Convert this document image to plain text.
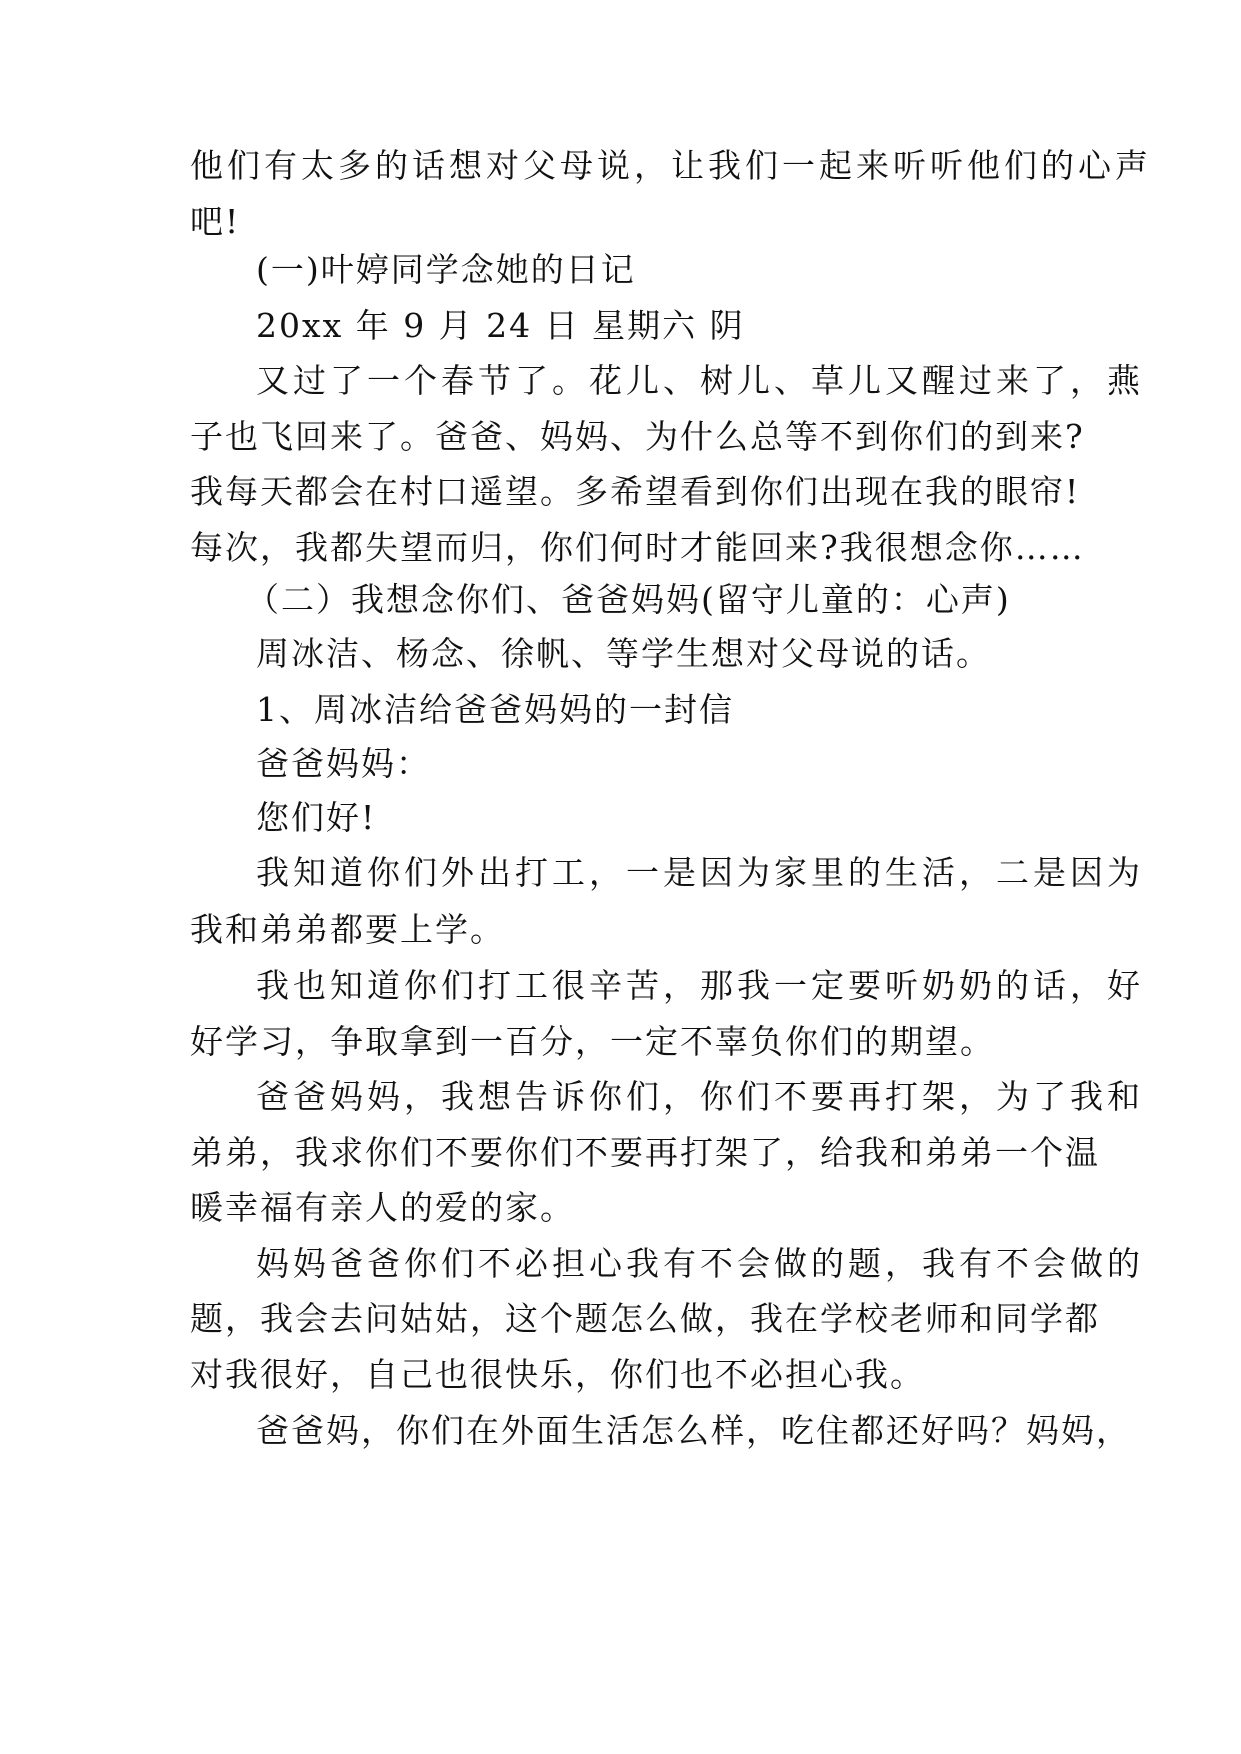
他们有太多的话想对父母说，让我们一起来听听他们的心声
吧!
(一)叶婷同学念她的日记
20xx 年 9 月 24 日 星期六 阴
又过了一个春节了。花儿、树儿、草儿又醒过来了，燕
子也飞回来了。爸爸、妈妈、为什么总等不到你们的到来?
我每天都会在村口遥望。多希望看到你们出现在我的眼帘!
每次，我都失望而归，你们何时才能回来?我很想念你……
（二）我想念你们、爸爸妈妈(留守儿童的：心声)
周冰洁、杨念、徐帆、等学生想对父母说的话。
1、周冰洁给爸爸妈妈的一封信
爸爸妈妈：
您们好!
我知道你们外出打工，一是因为家里的生活，二是因为
我和弟弟都要上学。
我也知道你们打工很辛苦，那我一定要听奶奶的话，好
好学习，争取拿到一百分，一定不辜负你们的期望。
爸爸妈妈，我想告诉你们，你们不要再打架，为了我和
弟弟，我求你们不要你们不要再打架了，给我和弟弟一个温
暖幸福有亲人的爱的家。
妈妈爸爸你们不必担心我有不会做的题，我有不会做的
题，我会去问姑姑，这个题怎么做，我在学校老师和同学都
对我很好，自己也很快乐，你们也不必担心我。
爸爸妈，你们在外面生活怎么样，吃住都还好吗？妈妈，
